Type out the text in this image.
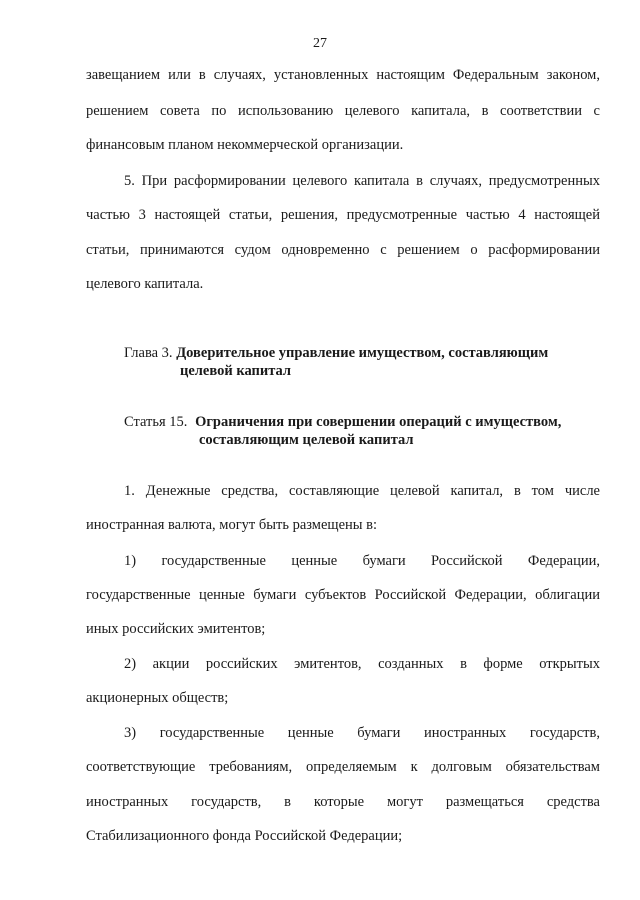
27
завещанием или в случаях, установленных настоящим Федеральным законом,
решением совета по использованию целевого капитала, в соответствии с
финансовым планом некоммерческой организации.
5. При расформировании целевого капитала в случаях, предусмотренных
частью 3 настоящей статьи, решения, предусмотренные частью 4 настоящей
статьи, принимаются судом одновременно с решением о расформировании
целевого капитала.
Глава 3. Доверительное управление имуществом, составляющим
целевой капитал
Статья 15. Ограничения при совершении операций с имуществом,
составляющим целевой капитал
1. Денежные средства, составляющие целевой капитал, в том числе
иностранная валюта, могут быть размещены в:
1) государственные ценные бумаги Российской Федерации,
государственные ценные бумаги субъектов Российской Федерации, облигации
иных российских эмитентов;
2) акции российских эмитентов, созданных в форме открытых
акционерных обществ;
3) государственные ценные бумаги иностранных государств,
соответствующие требованиям, определяемым к долговым обязательствам
иностранных государств, в которые могут размещаться средства
Стабилизационного фонда Российской Федерации;
